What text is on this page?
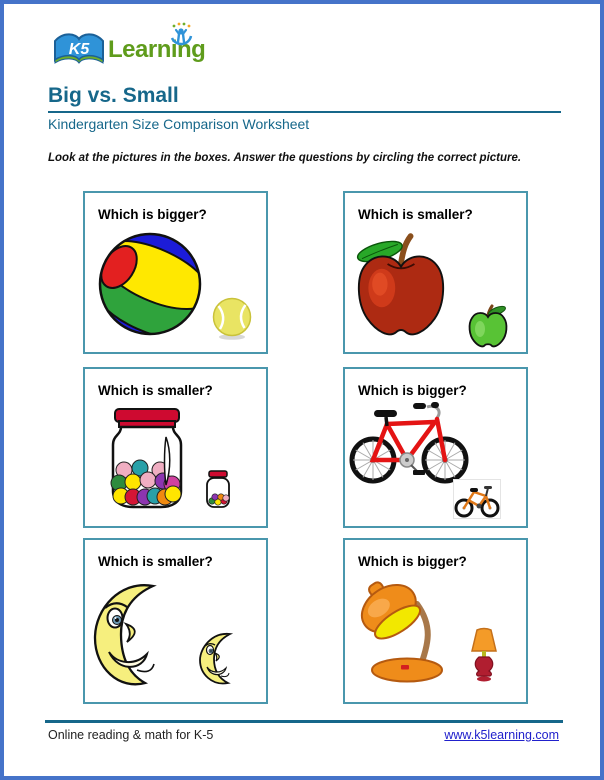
K5 Learning
Big vs. Small
Kindergarten Size Comparison Worksheet

Look at the pictures in the boxes. Answer the questions by circling the correct picture.

Which is bigger?	Which is smaller?
Which is smaller?	Which is bigger?
Which is smaller?	Which is bigger?
Online reading & math for K-5	www.k5learning.com
